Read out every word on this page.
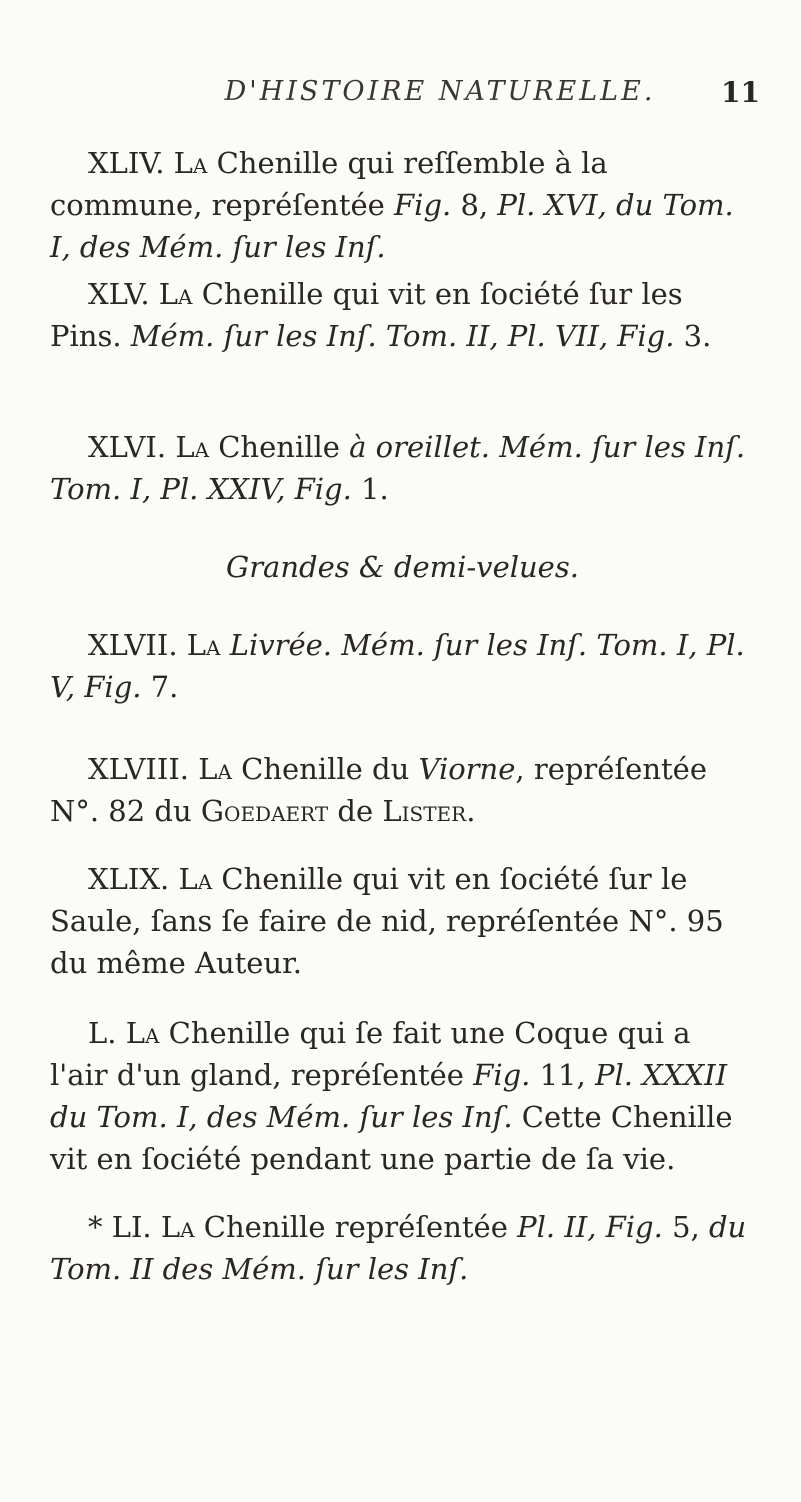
D'HISTOIRE NATURELLE.	11

XLIV. La Chenille qui reſſemble à la commune, repréſentée Fig. 8, Pl. XVI, du Tom. I, des Mém. ſur les Inſ.

XLV. La Chenille qui vit en ſociété ſur les Pins. Mém. ſur les Inſ. Tom. II, Pl. VII, Fig. 3.

XLVI. La Chenille à oreillet. Mém. ſur les Inſ. Tom. I, Pl. XXIV, Fig. 1.

Grandes & demi-velues.

XLVII. La Livrée. Mém. ſur les Inſ. Tom. I, Pl. V, Fig. 7.

XLVIII. La Chenille du Viorne, repréſentée N°. 82 du Goedaert de Lister.

XLIX. La Chenille qui vit en ſociété ſur le Saule, ſans ſe faire de nid, repréſentée N°. 95 du même Auteur.

L. La Chenille qui ſe fait une Coque qui a l'air d'un gland, repréſentée Fig. 11, Pl. XXXII du Tom. I, des Mém. ſur les Inſ. Cette Chenille vit en ſociété pendant une partie de ſa vie.

* LI. La Chenille repréſentée Pl. II, Fig. 5, du Tom. II des Mém. ſur les Inſ.
